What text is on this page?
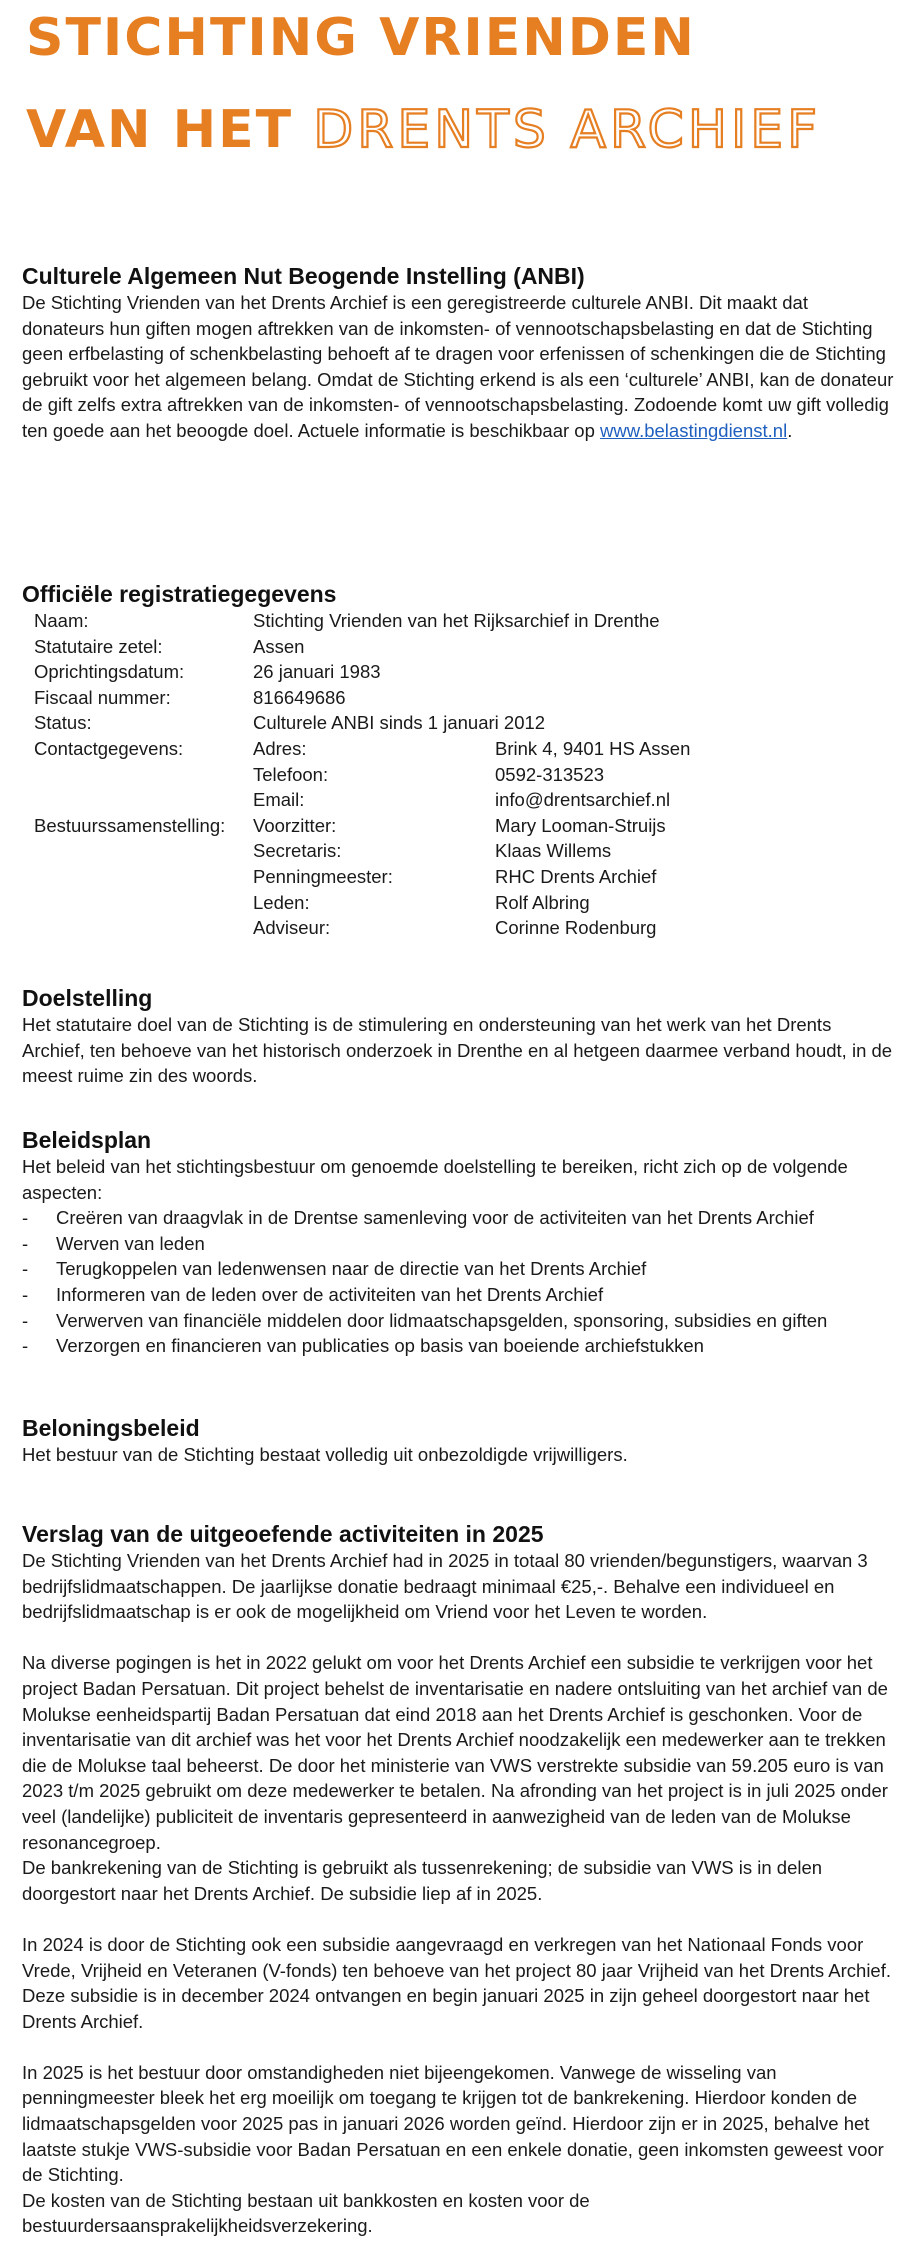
STICHTING VRIENDEN
VAN HET DRENTS ARCHIEF
Culturele Algemeen Nut Beogende Instelling (ANBI)

De Stichting Vrienden van het Drents Archief is een geregistreerde culturele ANBI. Dit maakt dat donateurs hun giften mogen aftrekken van de inkomsten- of vennootschapsbelasting en dat de Stichting geen erfbelasting of schenkbelasting behoeft af te dragen voor erfenissen of schenkingen die de Stichting gebruikt voor het algemeen belang. Omdat de Stichting erkend is als een ‘culturele’ ANBI, kan de donateur de gift zelfs extra aftrekken van de inkomsten- of vennootschapsbelasting. Zodoende komt uw gift volledig ten goede aan het beoogde doel. Actuele informatie is beschikbaar op www.belastingdienst.nl.

Officiële registratiegegevens
Naam:	Stichting Vrienden van het Rijksarchief in Drenthe
Statutaire zetel:	Assen
Oprichtingsdatum:	26 januari 1983
Fiscaal nummer:	816649686
Status:	Culturele ANBI sinds 1 januari 2012
Contactgegevens:	Adres:	Brink 4, 9401 HS Assen
Telefoon:	0592-313523
Email:	info@drentsarchief.nl
Bestuurssamenstelling:	Voorzitter:	Mary Looman-Struijs
Secretaris:	Klaas Willems
Penningmeester:	RHC Drents Archief
Leden:	Rolf Albring
Adviseur:	Corinne Rodenburg
Doelstelling

Het statutaire doel van de Stichting is de stimulering en ondersteuning van het werk van het Drents Archief, ten behoeve van het historisch onderzoek in Drenthe en al hetgeen daarmee verband houdt, in de meest ruime zin des woords.

Beleidsplan

Het beleid van het stichtingsbestuur om genoemde doelstelling te bereiken, richt zich op de volgende aspecten:

-	Creëren van draagvlak in de Drentse samenleving voor de activiteiten van het Drents Archief
-	Werven van leden
-	Terugkoppelen van ledenwensen naar de directie van het Drents Archief
-	Informeren van de leden over de activiteiten van het Drents Archief
-	Verwerven van financiële middelen door lidmaatschapsgelden, sponsoring, subsidies en giften
-	Verzorgen en financieren van publicaties op basis van boeiende archiefstukken
Beloningsbeleid

Het bestuur van de Stichting bestaat volledig uit onbezoldigde vrijwilligers.

Verslag van de uitgeoefende activiteiten in 2025

De Stichting Vrienden van het Drents Archief had in 2025 in totaal 80 vrienden/begunstigers, waarvan 3 bedrijfslidmaatschappen. De jaarlijkse donatie bedraagt minimaal €25,-. Behalve een individueel en bedrijfslidmaatschap is er ook de mogelijkheid om Vriend voor het Leven te worden.

Na diverse pogingen is het in 2022 gelukt om voor het Drents Archief een subsidie te verkrijgen voor het project Badan Persatuan. Dit project behelst de inventarisatie en nadere ontsluiting van het archief van de Molukse eenheidspartij Badan Persatuan dat eind 2018 aan het Drents Archief is geschonken. Voor de inventarisatie van dit archief was het voor het Drents Archief noodzakelijk een medewerker aan te trekken die de Molukse taal beheerst. De door het ministerie van VWS verstrekte subsidie van 59.205 euro is van 2023 t/m 2025 gebruikt om deze medewerker te betalen. Na afronding van het project is in juli 2025 onder veel (landelijke) publiciteit de inventaris gepresenteerd in aanwezigheid van de leden van de Molukse resonancegroep.

De bankrekening van de Stichting is gebruikt als tussenrekening; de subsidie van VWS is in delen doorgestort naar het Drents Archief. De subsidie liep af in 2025.

In 2024 is door de Stichting ook een subsidie aangevraagd en verkregen van het Nationaal Fonds voor Vrede, Vrijheid en Veteranen (V-fonds) ten behoeve van het project 80 jaar Vrijheid van het Drents Archief. Deze subsidie is in december 2024 ontvangen en begin januari 2025 in zijn geheel doorgestort naar het Drents Archief.

In 2025 is het bestuur door omstandigheden niet bijeengekomen. Vanwege de wisseling van penningmeester bleek het erg moeilijk om toegang te krijgen tot de bankrekening. Hierdoor konden de lidmaatschapsgelden voor 2025 pas in januari 2026 worden geïnd. Hierdoor zijn er in 2025, behalve het laatste stukje VWS-subsidie voor Badan Persatuan en een enkele donatie, geen inkomsten geweest voor de Stichting.

De kosten van de Stichting bestaan uit bankkosten en kosten voor de bestuurdersaansprakelijkheidsverzekering.
